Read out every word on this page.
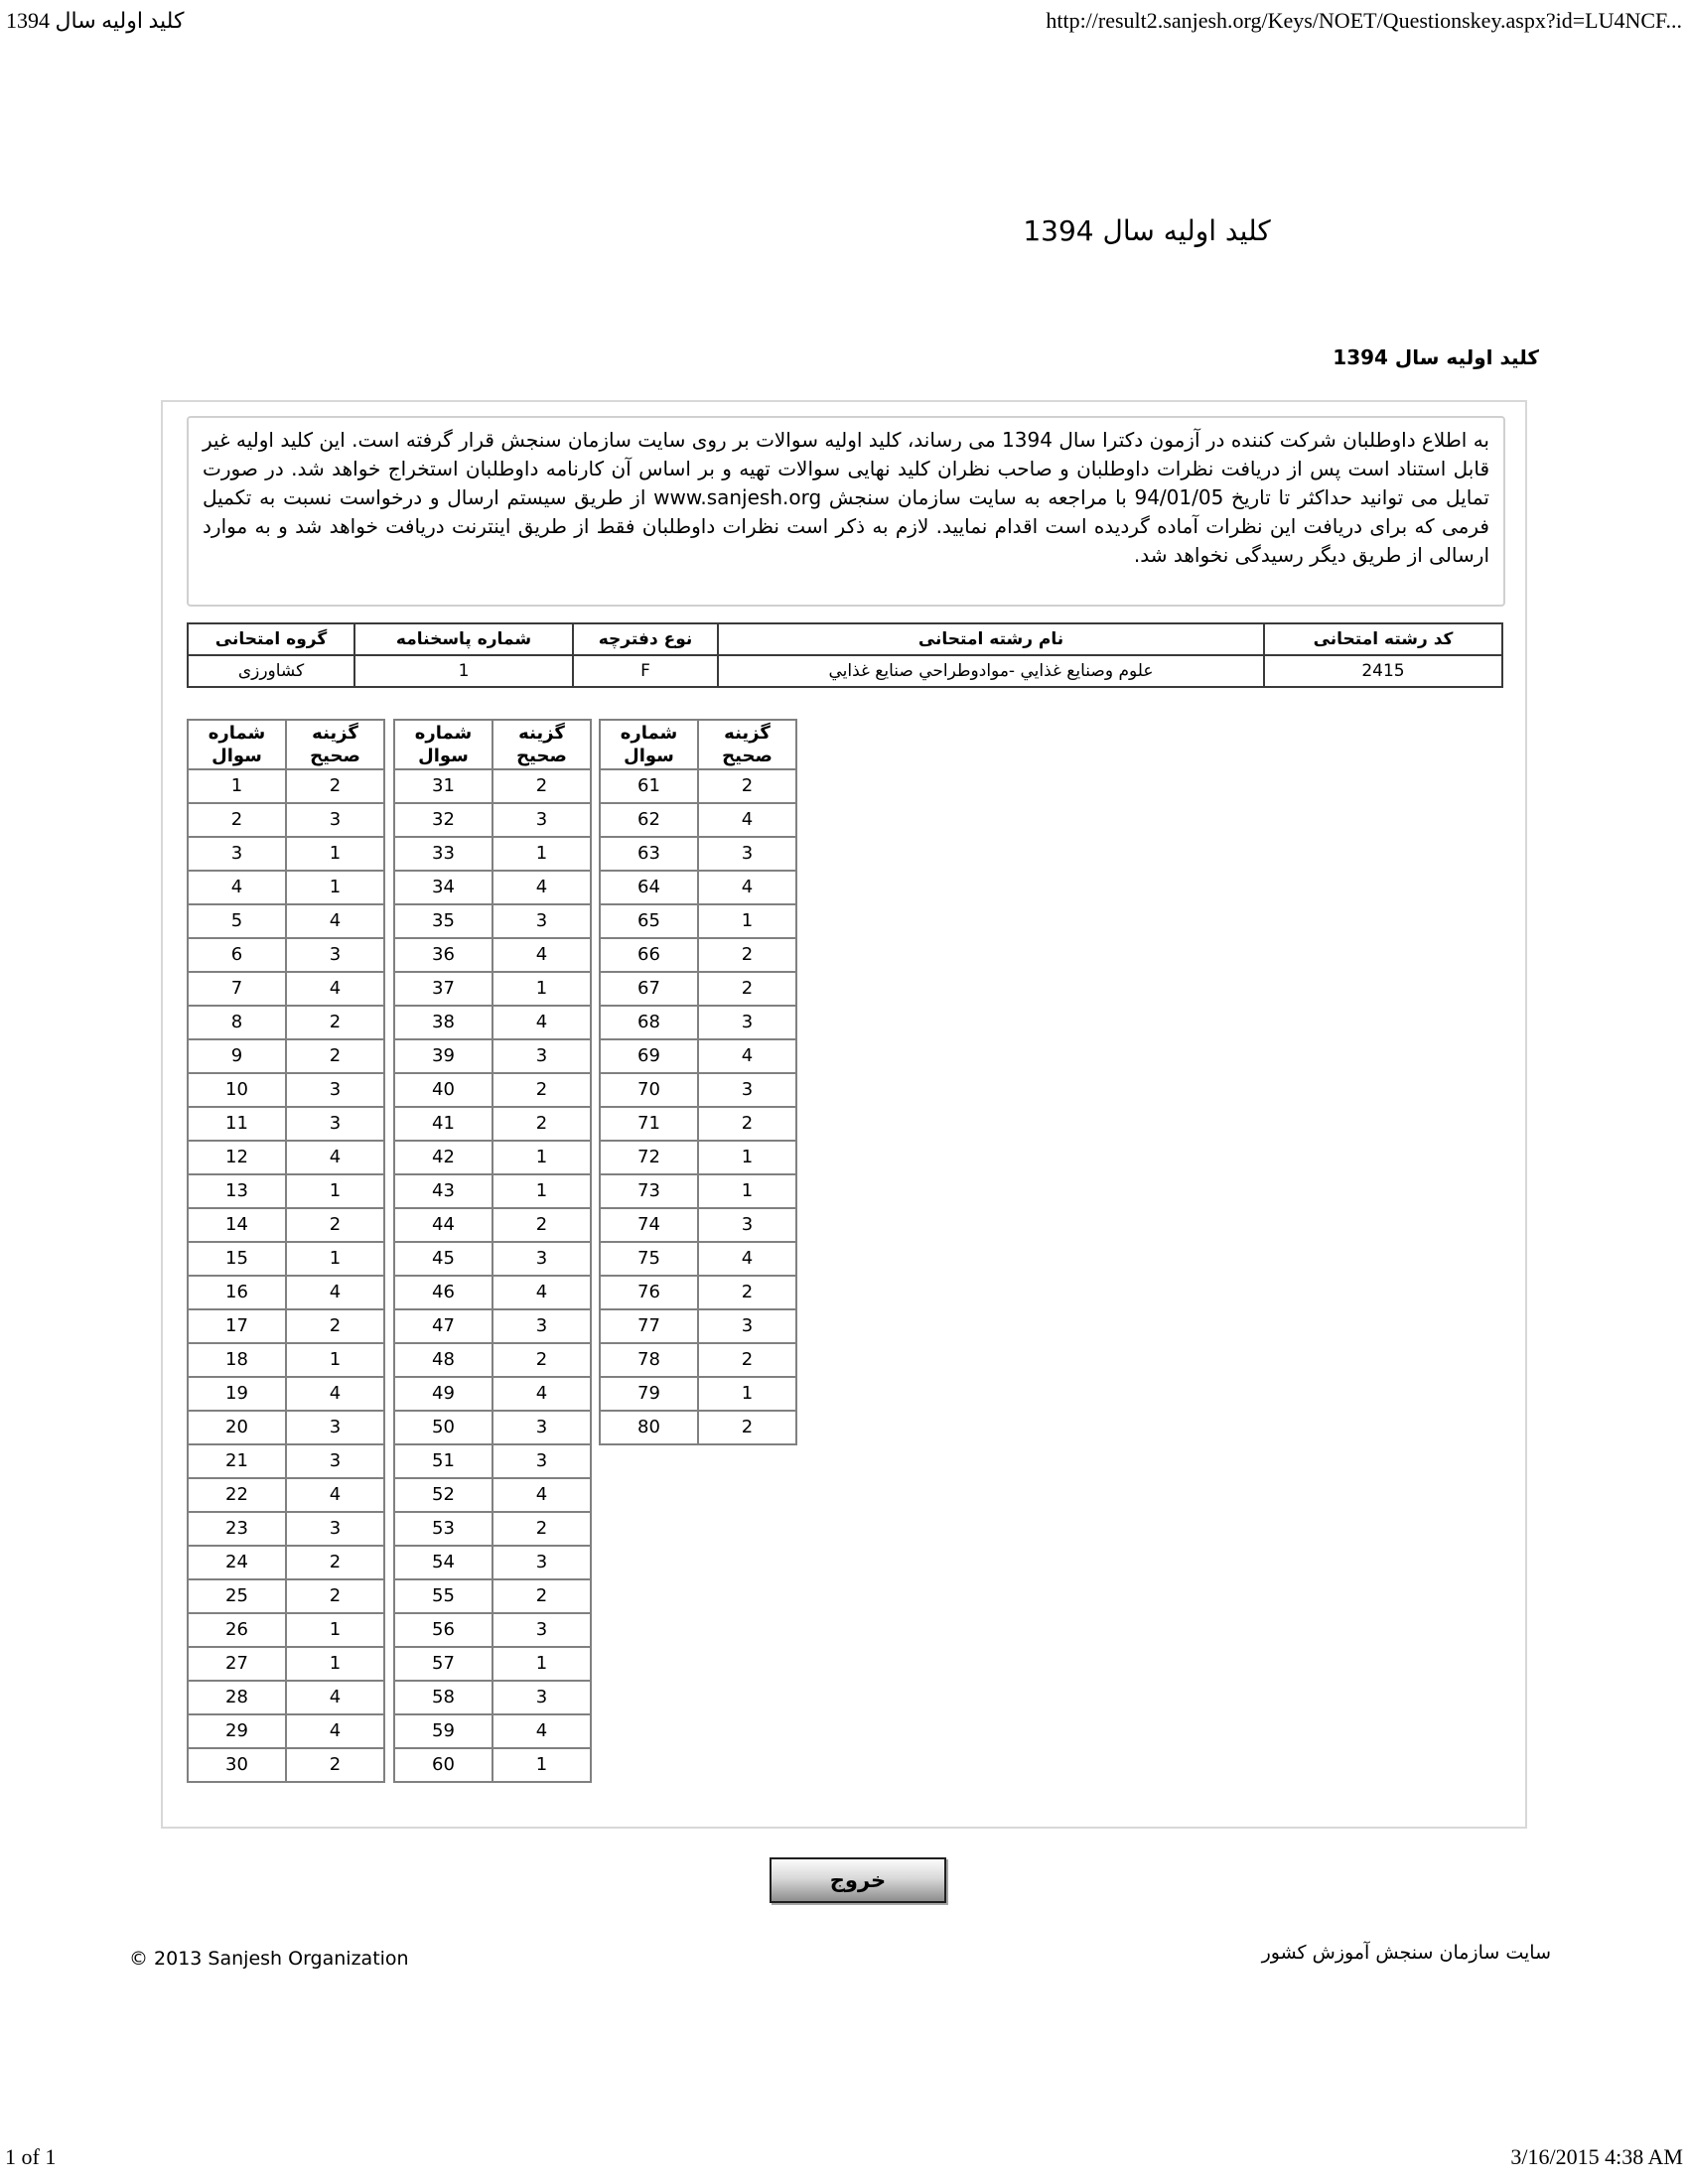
کلید اولیه سال 1394	http://result2.sanjesh.org/Keys/NOET/Questionskey.aspx?id=LU4NCF...
کلید اولیه سال 1394
کلید اولیه سال 1394
به اطلاع داوطلبان شرکت کننده در آزمون دکترا سال 1394 می رساند، کلید اولیه سوالات بر روی سایت سازمان سنجش قرار گرفته است. این کلید اولیه غیر قابل استناد است پس از دریافت نظرات داوطلبان و صاحب نظران کلید نهایی سوالات تهیه و بر اساس آن کارنامه داوطلبان استخراج خواهد شد. در صورت تمایل می توانید حداکثر تا تاریخ 94/01/05 با مراجعه به سایت سازمان سنجش www.sanjesh.org از طریق سیستم ارسال و درخواست نسبت به تکمیل فرمی که برای دریافت این نظرات آماده گردیده است اقدام نمایید. لازم به ذکر است نظرات داوطلبان فقط از طریق اینترنت دریافت خواهد شد و به موارد ارسالی از طریق دیگر رسیدگی نخواهد شد.
کد رشته امتحانی	نام رشته امتحانی	نوع دفترچه	شماره پاسخنامه	گروه امتحانی
2415	علوم وصنايع غذايي -موادوطراحي صنايع غذايي	F	1	کشاورزی
شماره
سوال	گزینه
صحیح
1	2
2	3
3	1
4	1
5	4
6	3
7	4
8	2
9	2
10	3
11	3
12	4
13	1
14	2
15	1
16	4
17	2
18	1
19	4
20	3
21	3
22	4
23	3
24	2
25	2
26	1
27	1
28	4
29	4
30	2
شماره
سوال	گزینه
صحیح
31	2
32	3
33	1
34	4
35	3
36	4
37	1
38	4
39	3
40	2
41	2
42	1
43	1
44	2
45	3
46	4
47	3
48	2
49	4
50	3
51	3
52	4
53	2
54	3
55	2
56	3
57	1
58	3
59	4
60	1
شماره
سوال	گزینه
صحیح
61	2
62	4
63	3
64	4
65	1
66	2
67	2
68	3
69	4
70	3
71	2
72	1
73	1
74	3
75	4
76	2
77	3
78	2
79	1
80	2
خروج
سایت سازمان سنجش آموزش کشور
© 2013 Sanjesh Organization
1 of 1	3/16/2015 4:38 AM
